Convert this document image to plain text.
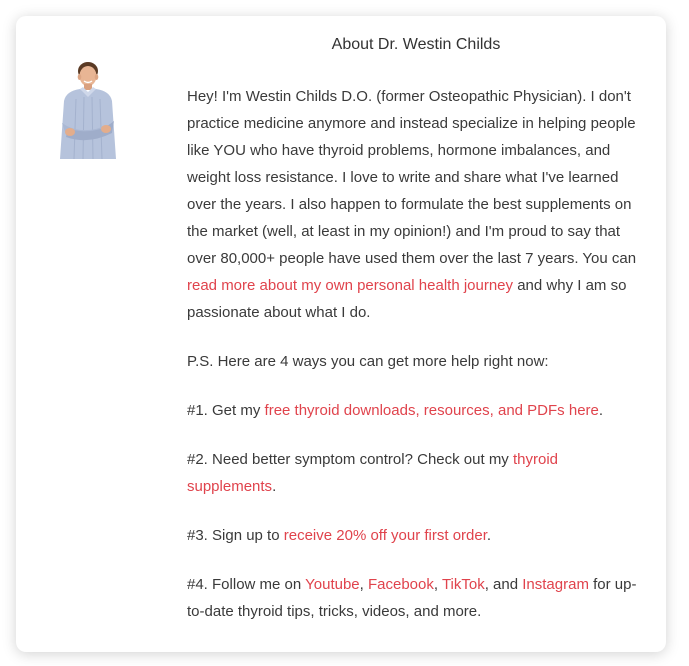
About Dr. Westin Childs

Hey! I'm Westin Childs D.O. (former Osteopathic Physician). I don't practice medicine anymore and instead specialize in helping people like YOU who have thyroid problems, hormone imbalances, and weight loss resistance. I love to write and share what I've learned over the years. I also happen to formulate the best supplements on the market (well, at least in my opinion!) and I'm proud to say that over 80,000+ people have used them over the last 7 years. You can read more about my own personal health journey and why I am so passionate about what I do.

P.S. Here are 4 ways you can get more help right now:

#1. Get my free thyroid downloads, resources, and PDFs here.

#2. Need better symptom control? Check out my thyroid supplements.

#3. Sign up to receive 20% off your first order.

#4. Follow me on Youtube, Facebook, TikTok, and Instagram for up-to-date thyroid tips, tricks, videos, and more.
